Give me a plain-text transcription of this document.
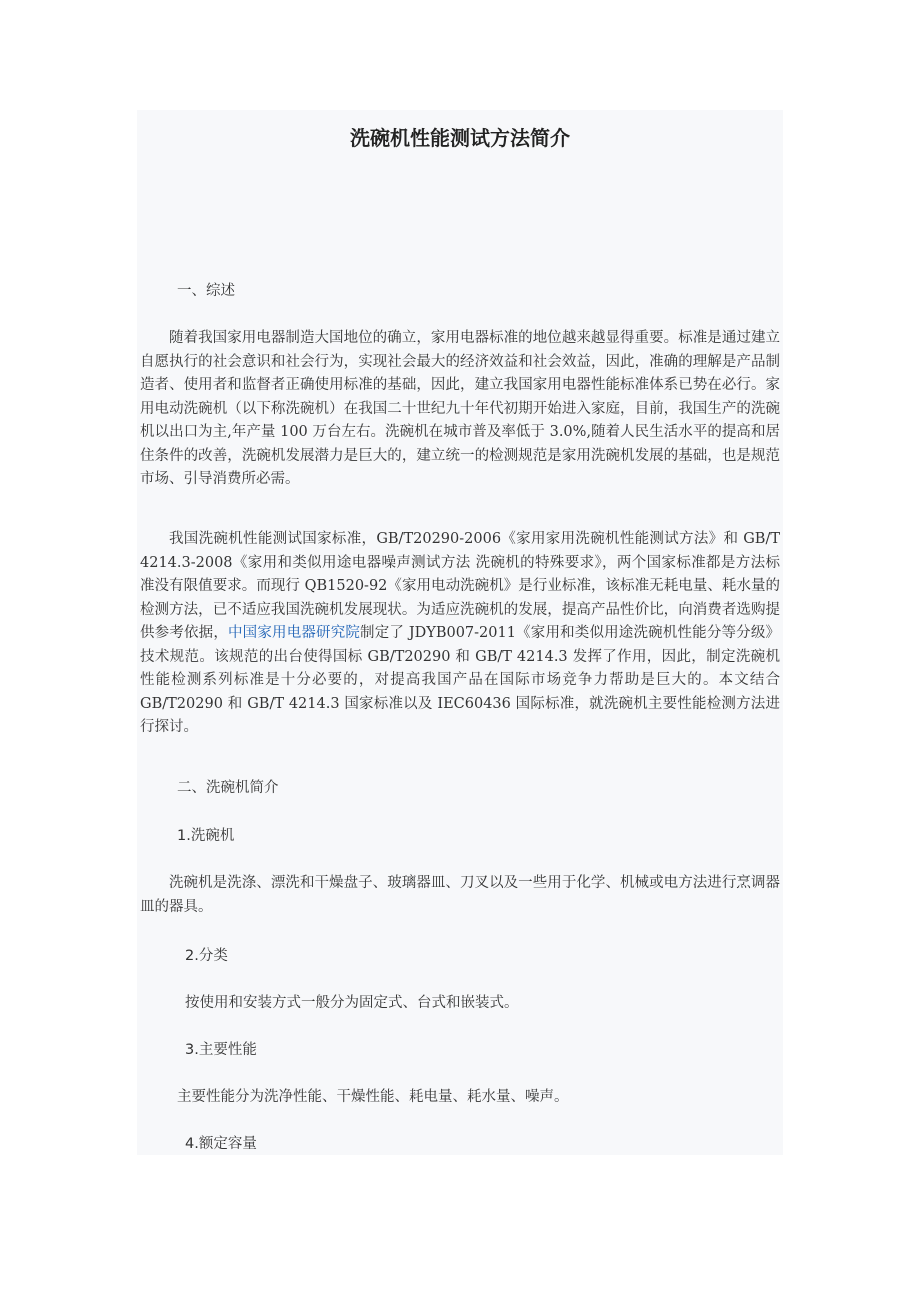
洗碗机性能测试方法简介
一、综述
随着我国家用电器制造大国地位的确立，家用电器标准的地位越来越显得重要。标准是通过建立自愿执行的社会意识和社会行为，实现社会最大的经济效益和社会效益，因此，准确的理解是产品制造者、使用者和监督者正确使用标准的基础，因此，建立我国家用电器性能标准体系已势在必行。家用电动洗碗机（以下称洗碗机）在我国二十世纪九十年代初期开始进入家庭，目前，我国生产的洗碗机以出口为主,年产量 100 万台左右。洗碗机在城市普及率低于 3.0%,随着人民生活水平的提高和居住条件的改善，洗碗机发展潜力是巨大的，建立统一的检测规范是家用洗碗机发展的基础，也是规范市场、引导消费所必需。
我国洗碗机性能测试国家标准，GB/T20290-2006《家用家用洗碗机性能测试方法》和 GB/T 4214.3-2008《家用和类似用途电器噪声测试方法 洗碗机的特殊要求》，两个国家标准都是方法标准没有限值要求。而现行 QB1520-92《家用电动洗碗机》是行业标准，该标准无耗电量、耗水量的检测方法，已不适应我国洗碗机发展现状。为适应洗碗机的发展，提高产品性价比，向消费者选购提供参考依据，中国家用电器研究院制定了 JDYB007-2011《家用和类似用途洗碗机性能分等分级》技术规范。该规范的出台使得国标 GB/T20290 和 GB/T 4214.3 发挥了作用，因此，制定洗碗机性能检测系列标准是十分必要的，对提高我国产品在国际市场竞争力帮助是巨大的。本文结合 GB/T20290 和 GB/T 4214.3 国家标准以及 IEC60436 国际标准，就洗碗机主要性能检测方法进行探讨。
二、洗碗机简介
1.洗碗机
洗碗机是洗涤、漂洗和干燥盘子、玻璃器皿、刀叉以及一些用于化学、机械或电方法进行烹调器皿的器具。
2.分类
按使用和安装方式一般分为固定式、台式和嵌装式。
3.主要性能
主要性能分为洗净性能、干燥性能、耗电量、耗水量、噪声。
4.额定容量
